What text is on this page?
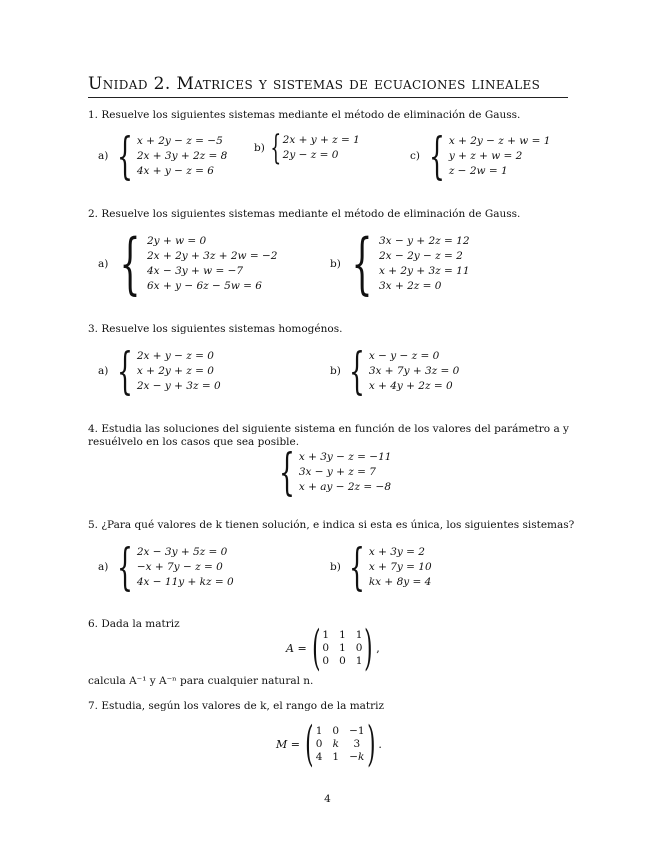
Unidad 2. Matrices y sistemas de ecuaciones lineales
1. Resuelve los siguientes sistemas mediante el método de eliminación de Gauss.
a) { x + 2y − z = −5
2x + 3y + 2z = 8
4x + y − z = 6
b) { 2x + y + z = 1
2y − z = 0	c) { x + 2y − z + w = 1
y + z + w = 2
z − 2w = 1
2. Resuelve los siguientes sistemas mediante el método de eliminación de Gauss.
a) { 2y + w = 0
2x + 2y + 3z + 2w = −2
4x − 3y + w = −7
6x + y − 6z − 5w = 6
b) { 3x − y + 2z = 12
2x − 2y − z = 2
x + 2y + 3z = 11
3x + 2z = 0
3. Resuelve los siguientes sistemas homogénos.
a) { 2x + y − z = 0
x + 2y + z = 0
2x − y + 3z = 0
b) { x − y − z = 0
3x + 7y + 3z = 0
x + 4y + 2z = 0
4. Estudia las soluciones del siguiente sistema en función de los valores del parámetro a y resuélvelo en los casos que sea posible.
{ x + 3y − z = −11
3x − y + z = 7
x + ay − 2z = −8
5. ¿Para qué valores de k tienen solución, e indica si esta es única, los siguientes sistemas?
a) { 2x − 3y + 5z = 0
−x + 7y − z = 0
4x − 11y + kz = 0
b) { x + 3y = 2
x + 7y = 10
kx + 8y = 4
6. Dada la matriz
A = ( 1	1	1
0	1	0
0	0	1 ) ,
calcula A⁻¹ y A⁻ⁿ para cualquier natural n.
7. Estudia, según los valores de k, el rango de la matriz
M = ( 1	0	−1
0	k	3
4	1	−k ) .
4
